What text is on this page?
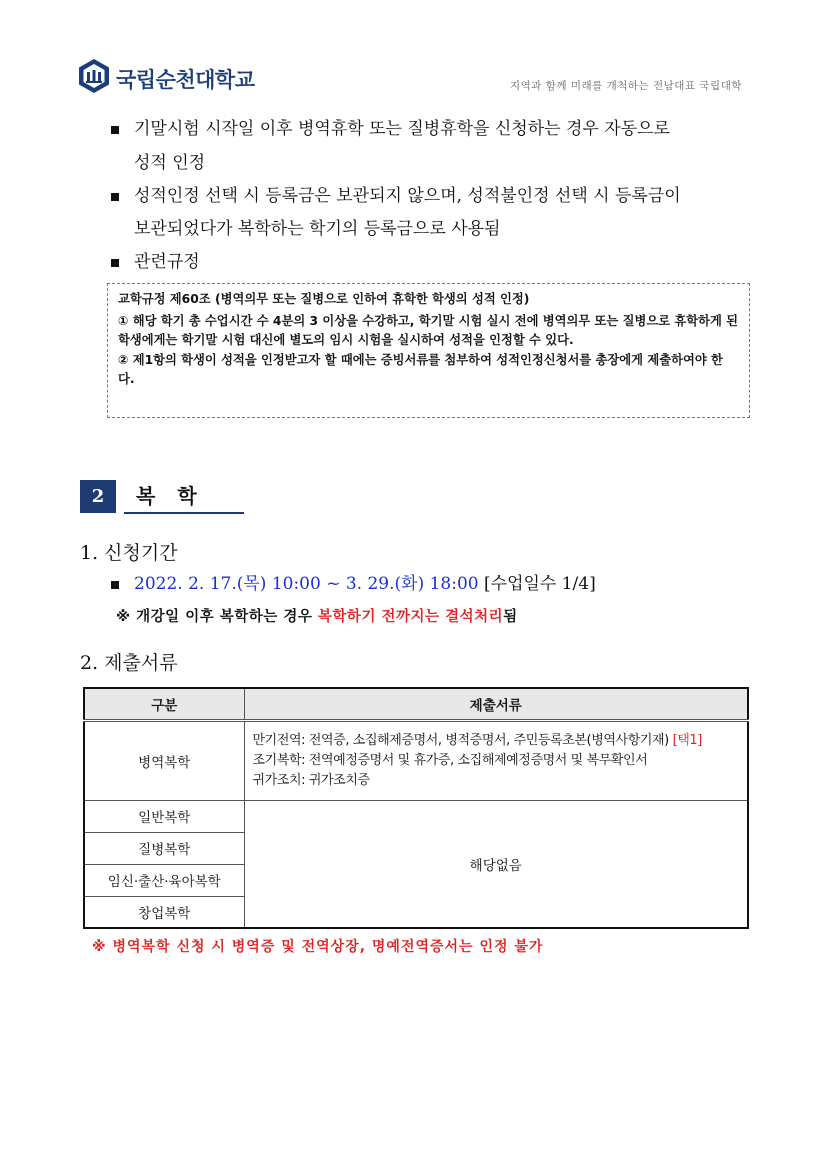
국립순천대학교	지역과 함께 미래를 개척하는 전남대표 국립대학
기말시험 시작일 이후 병역휴학 또는 질병휴학을 신청하는 경우 자동으로
성적 인정
성적인정 선택 시 등록금은 보관되지 않으며, 성적불인정 선택 시 등록금이
보관되었다가 복학하는 학기의 등록금으로 사용됨
관련규정

교학규정 제60조 (병역의무 또는 질병으로 인하여 휴학한 학생의 성적 인정)

① 해당 학기 총 수업시간 수 4분의 3 이상을 수강하고, 학기말 시험 실시 전에 병역의무 또는 질병으로 휴학하게 된 학생에게는 학기말 시험 대신에 별도의 임시 시험을 실시하여 성적을 인정할 수 있다.

② 제1항의 학생이 성적을 인정받고자 할 때에는 증빙서류를 첨부하여 성적인정신청서를 총장에게 제출하여야 한다.

2	복학
1. 신청기간
2022. 2. 17.(목) 10:00 ~ 3. 29.(화) 18:00 [수업일수 1/4]
※ 개강일 이후 복학하는 경우 복학하기 전까지는 결석처리됨
2. 제출서류
구분	제출서류
병역복학	만기전역: 전역증, 소집해제증명서, 병적증명서, 주민등록초본(병역사항기재) [택1]
조기복학: 전역예정증명서 및 휴가증, 소집해제예정증명서 및 복무확인서
귀가조치: 귀가조치증

일반복학	해당없음
질병복학	
임신·출산·육아복학	
창업복학	
※ 병역복학 신청 시 병역증 및 전역상장, 명예전역증서는 인정 불가
